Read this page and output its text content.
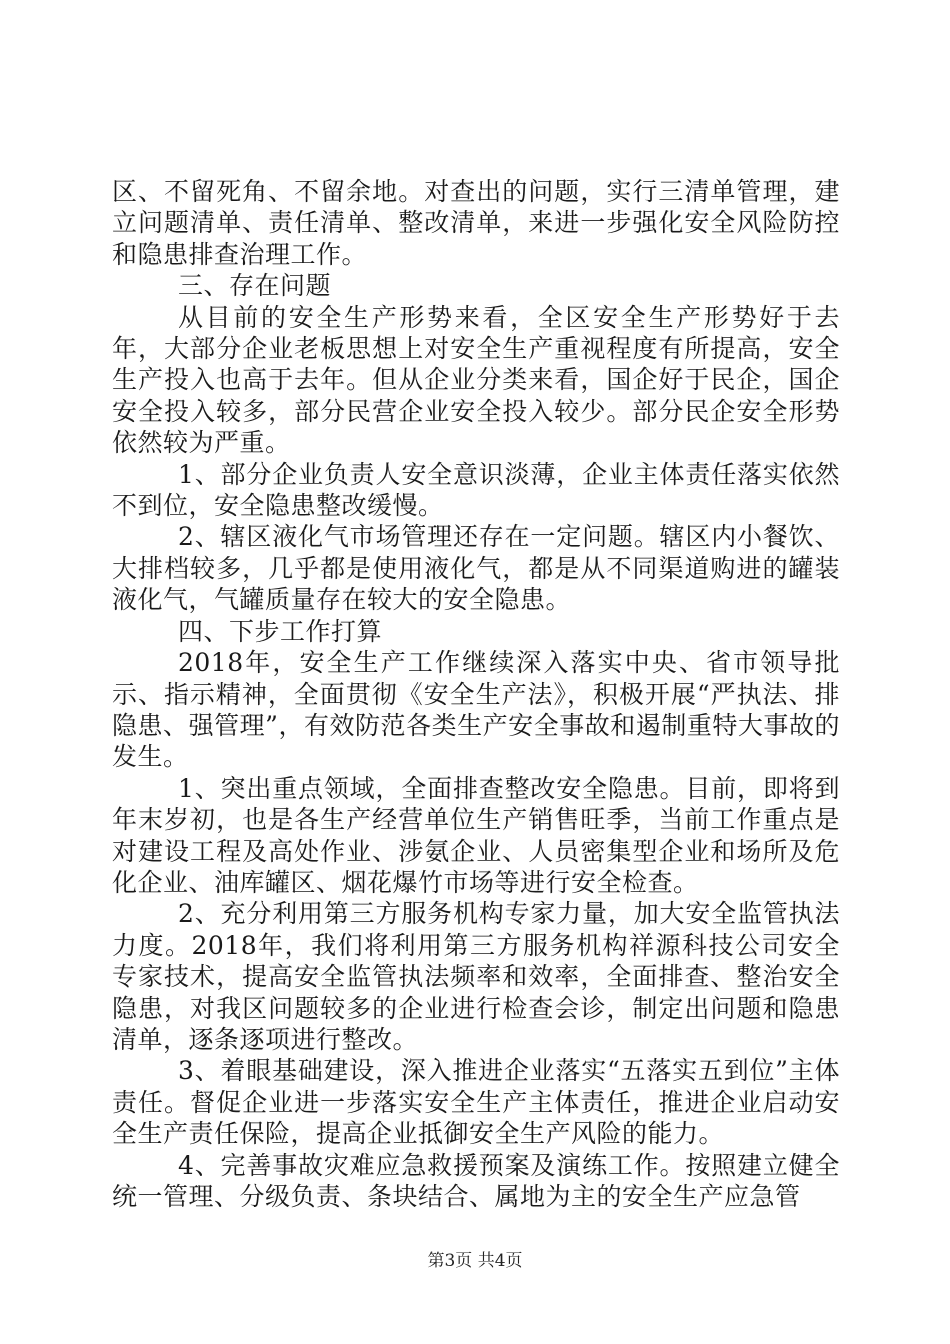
区、不留死角、不留余地。对查出的问题，实行三清单管理，建立问题清单、责任清单、整改清单，来进一步强化安全风险防控和隐患排查治理工作。

三、存在问题

从目前的安全生产形势来看，全区安全生产形势好于去年，大部分企业老板思想上对安全生产重视程度有所提高，安全生产投入也高于去年。但从企业分类来看，国企好于民企，国企安全投入较多，部分民营企业安全投入较少。部分民企安全形势依然较为严重。

1、部分企业负责人安全意识淡薄，企业主体责任落实依然不到位，安全隐患整改缓慢。

2、辖区液化气市场管理还存在一定问题。辖区内小餐饮、大排档较多，几乎都是使用液化气，都是从不同渠道购进的罐装液化气，气罐质量存在较大的安全隐患。

四、下步工作打算

2018年，安全生产工作继续深入落实中央、省市领导批示、指示精神，全面贯彻《安全生产法》，积极开展“严执法、排隐患、强管理”，有效防范各类生产安全事故和遏制重特大事故的发生。

1、突出重点领域，全面排查整改安全隐患。目前，即将到年末岁初，也是各生产经营单位生产销售旺季，当前工作重点是对建设工程及高处作业、涉氨企业、人员密集型企业和场所及危化企业、油库罐区、烟花爆竹市场等进行安全检查。

2、充分利用第三方服务机构专家力量，加大安全监管执法力度。2018年，我们将利用第三方服务机构祥源科技公司安全专家技术，提高安全监管执法频率和效率，全面排查、整治安全隐患，对我区问题较多的企业进行检查会诊，制定出问题和隐患清单，逐条逐项进行整改。

3、着眼基础建设，深入推进企业落实“五落实五到位”主体责任。督促企业进一步落实安全生产主体责任，推进企业启动安全生产责任保险，提高企业抵御安全生产风险的能力。

4、完善事故灾难应急救援预案及演练工作。按照建立健全统一管理、分级负责、条块结合、属地为主的安全生产应急管

第3页 共4页
